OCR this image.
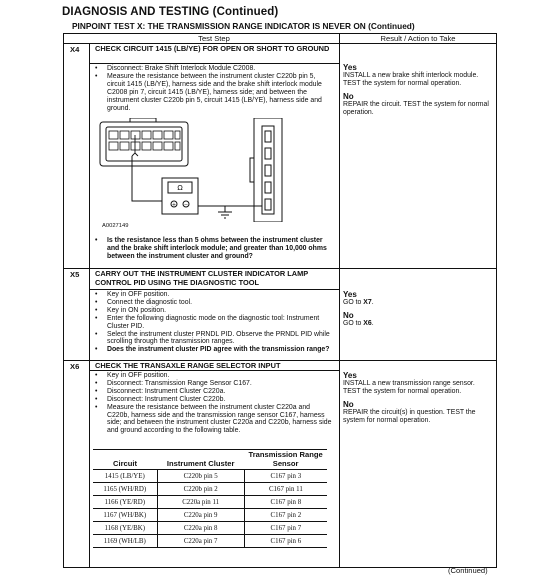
DIAGNOSIS AND TESTING (Continued)
PINPOINT TEST X: THE TRANSMISSION RANGE INDICATOR IS NEVER ON (Continued)
Test Step	Result / Action to Take
X4 CHECK CIRCUIT 1415 (LB/YE) FOR OPEN OR SHORT TO GROUND
• Disconnect: Brake Shift Interlock Module C2008.
• Measure the resistance between the instrument cluster C220b pin 5, circuit 1415 (LB/YE), harness side and the brake shift interlock module C2008 pin 7, circuit 1415 (LB/YE), harness side; and between the instrument cluster C220b pin 5, circuit 1415 (LB/YE), harness side and ground.
Ω
+ −
A0027149
• Is the resistance less than 5 ohms between the instrument cluster and the brake shift interlock module; and greater than 10,000 ohms between the instrument cluster and ground?
Yes
INSTALL a new brake shift interlock module. TEST the system for normal operation.
No
REPAIR the circuit. TEST the system for normal operation.
X5 CARRY OUT THE INSTRUMENT CLUSTER INDICATOR LAMP CONTROL PID USING THE DIAGNOSTIC TOOL
• Key in OFF position.
• Connect the diagnostic tool.
• Key in ON position.
• Enter the following diagnostic mode on the diagnostic tool: Instrument Cluster PID.
• Select the instrument cluster PRNDL PID. Observe the PRNDL PID while scrolling through the transmission ranges.
• Does the instrument cluster PID agree with the transmission range?
Yes
GO to X7.
No
GO to X6.
X6 CHECK THE TRANSAXLE RANGE SELECTOR INPUT
• Key in OFF position.
• Disconnect: Transmission Range Sensor C167.
• Disconnect: Instrument Cluster C220a.
• Disconnect: Instrument Cluster C220b.
• Measure the resistance between the instrument cluster C220a and C220b, harness side and the transmission range sensor C167, harness side; and between the instrument cluster C220a and C220b, harness side and ground according to the following table.
Yes
INSTALL a new transmission range sensor. TEST the system for normal operation.
No
REPAIR the circuit(s) in question. TEST the system for normal operation.
Circuit	Instrument Cluster	Transmission Range Sensor
1415 (LB/YE)	C220b pin 5	C167 pin 3
1165 (WH/RD)	C220b pin 2	C167 pin 11
1166 (YE/RD)	C220a pin 11	C167 pin 8
1167 (WH/BK)	C220a pin 9	C167 pin 2
1168 (YE/BK)	C220a pin 8	C167 pin 7
1169 (WH/LB)	C220a pin 7	C167 pin 6
(Continued)
